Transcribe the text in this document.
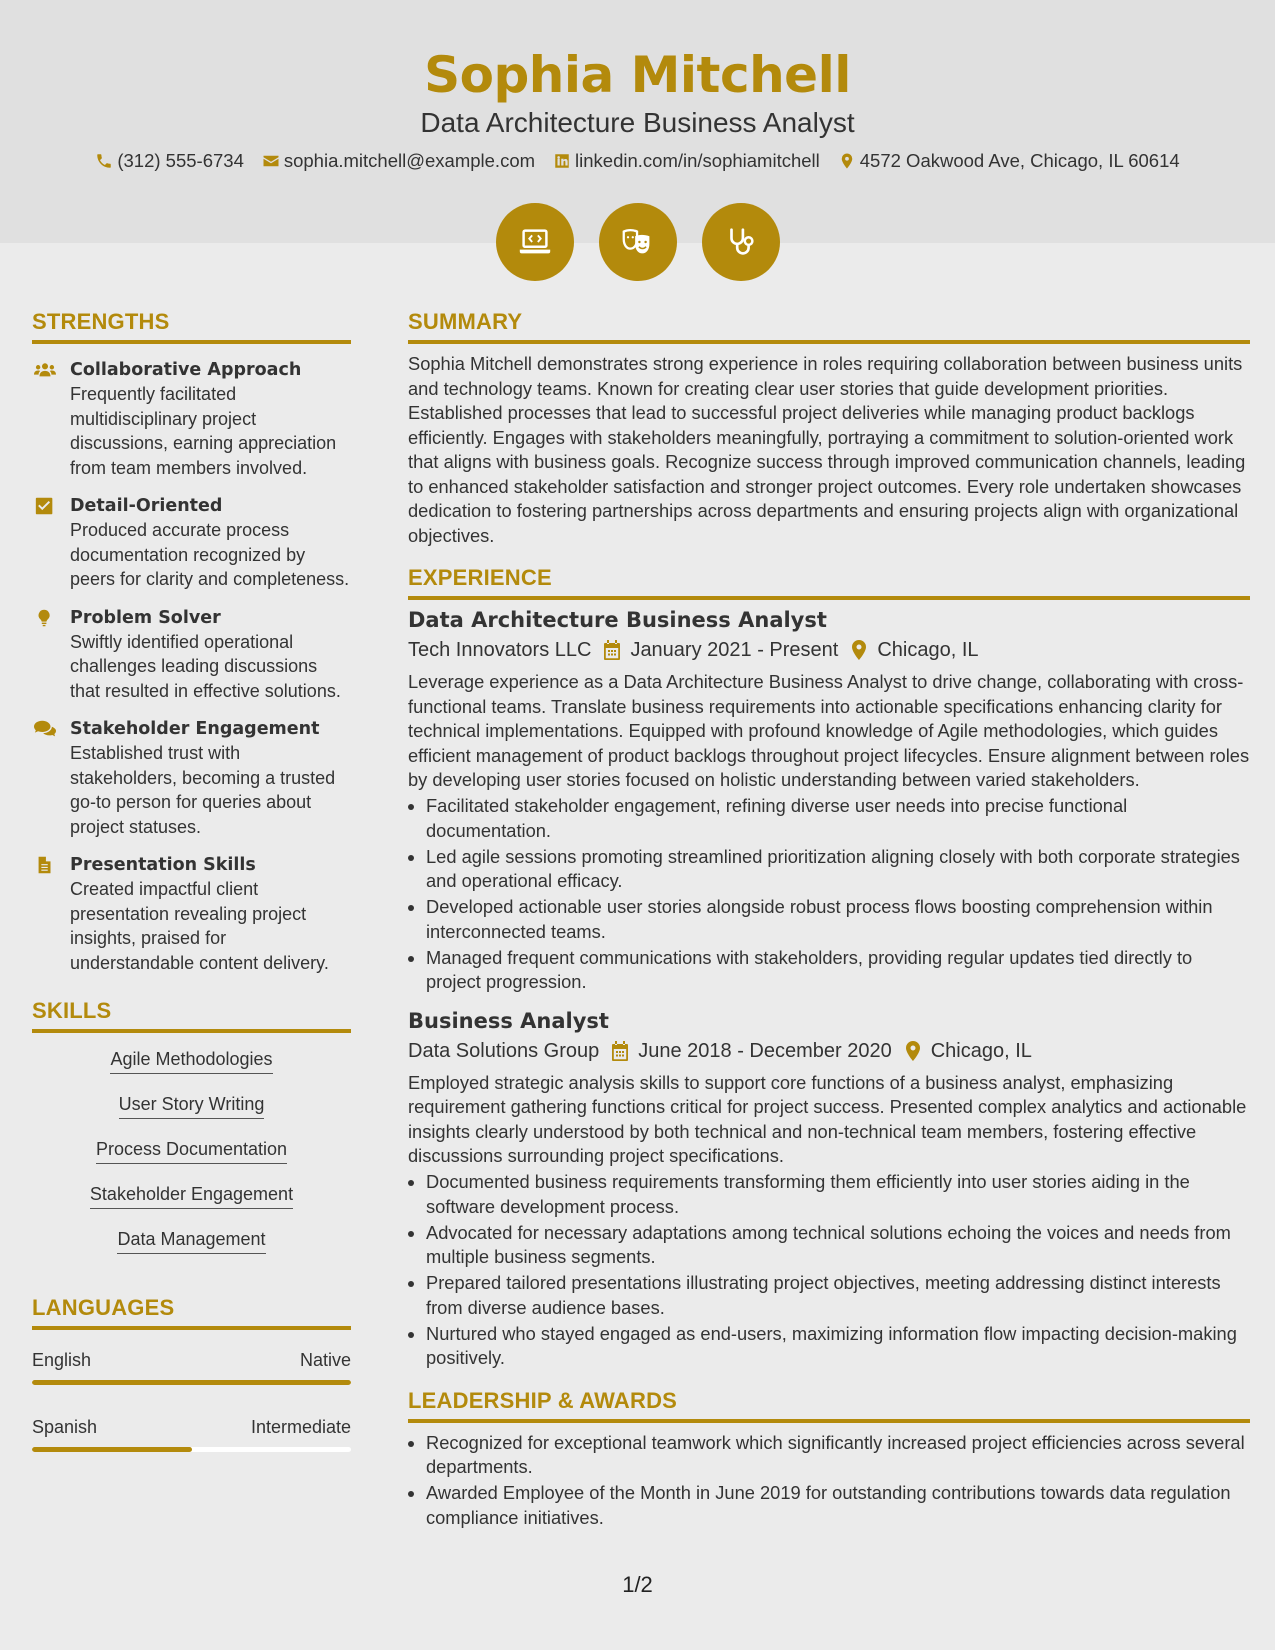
Sophia Mitchell
Data Architecture Business Analyst
(312) 555-6734 sophia.mitchell@example.com linkedin.com/in/sophiamitchell 4572 Oakwood Ave, Chicago, IL 60614
STRENGTHS
Collaborative Approach
Frequently facilitated multidisciplinary project discussions, earning appreciation from team members involved.
Detail-Oriented
Produced accurate process documentation recognized by peers for clarity and completeness.
Problem Solver
Swiftly identified operational challenges leading discussions that resulted in effective solutions.
Stakeholder Engagement
Established trust with stakeholders, becoming a trusted go-to person for queries about project statuses.
Presentation Skills
Created impactful client presentation revealing project insights, praised for understandable content delivery.
SKILLS
Agile Methodologies
User Story Writing
Process Documentation
Stakeholder Engagement
Data Management
LANGUAGES
English	Native
Spanish	Intermediate
SUMMARY
Sophia Mitchell demonstrates strong experience in roles requiring collaboration between business units and technology teams. Known for creating clear user stories that guide development priorities. Established processes that lead to successful project deliveries while managing product backlogs efficiently. Engages with stakeholders meaningfully, portraying a commitment to solution-oriented work that aligns with business goals. Recognize success through improved communication channels, leading to enhanced stakeholder satisfaction and stronger project outcomes. Every role undertaken showcases dedication to fostering partnerships across departments and ensuring projects align with organizational objectives.
EXPERIENCE
Data Architecture Business Analyst
Tech Innovators LLC January 2021 - Present Chicago, IL
Leverage experience as a Data Architecture Business Analyst to drive change, collaborating with cross-functional teams. Translate business requirements into actionable specifications enhancing clarity for technical implementations. Equipped with profound knowledge of Agile methodologies, which guides efficient management of product backlogs throughout project lifecycles. Ensure alignment between roles by developing user stories focused on holistic understanding between varied stakeholders.
• Facilitated stakeholder engagement, refining diverse user needs into precise functional documentation.
• Led agile sessions promoting streamlined prioritization aligning closely with both corporate strategies and operational efficacy.
• Developed actionable user stories alongside robust process flows boosting comprehension within interconnected teams.
• Managed frequent communications with stakeholders, providing regular updates tied directly to project progression.
Business Analyst
Data Solutions Group June 2018 - December 2020 Chicago, IL
Employed strategic analysis skills to support core functions of a business analyst, emphasizing requirement gathering functions critical for project success. Presented complex analytics and actionable insights clearly understood by both technical and non-technical team members, fostering effective discussions surrounding project specifications.
• Documented business requirements transforming them efficiently into user stories aiding in the software development process.
• Advocated for necessary adaptations among technical solutions echoing the voices and needs from multiple business segments.
• Prepared tailored presentations illustrating project objectives, meeting addressing distinct interests from diverse audience bases.
• Nurtured who stayed engaged as end-users, maximizing information flow impacting decision-making positively.
LEADERSHIP & AWARDS
• Recognized for exceptional teamwork which significantly increased project efficiencies across several departments.
• Awarded Employee of the Month in June 2019 for outstanding contributions towards data regulation compliance initiatives.
1/2
